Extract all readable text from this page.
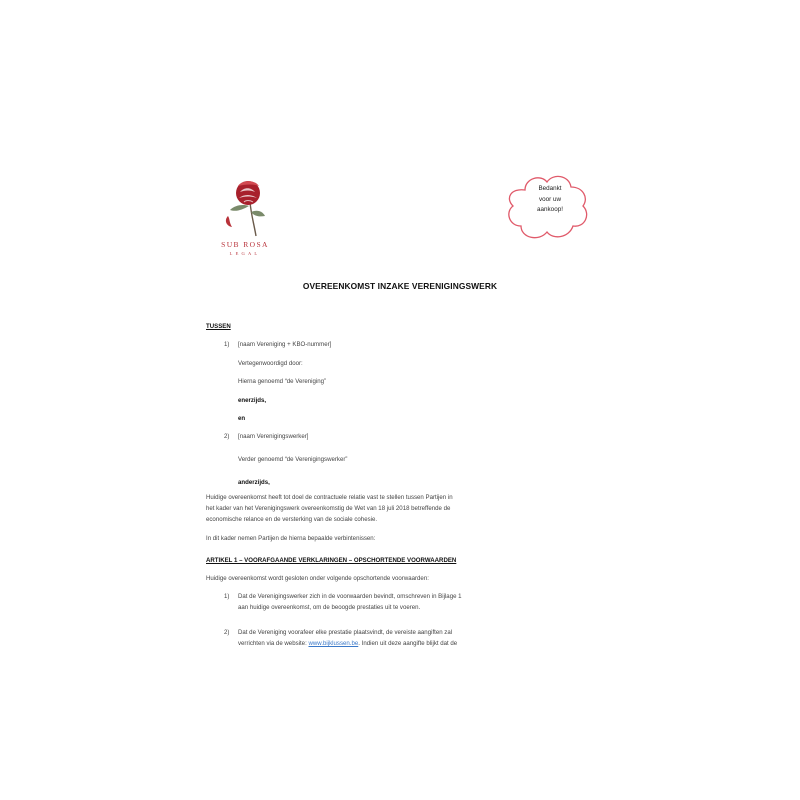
SUB ROSA
LEGAL
Bedankt
voor uw
aankoop!
OVEREENKOMST INZAKE VERENIGINGSWERK
TUSSEN
1) [naam Vereniging + KBO-nummer]
Vertegenwoordigd door:
Hierna genoemd “de Vereniging”
enerzijds,
en
2) [naam Verenigingswerker]
Verder genoemd “de Verenigingswerker”
anderzijds,
Huidige overeenkomst heeft tot doel de contractuele relatie vast te stellen tussen Partijen in
het kader van het Verenigingswerk overeenkomstig de Wet van 18 juli 2018 betreffende de
economische relance en de versterking van de sociale cohesie.
In dit kader nemen Partijen de hierna bepaalde verbintenissen:
ARTIKEL 1 – VOORAFGAANDE VERKLARINGEN – OPSCHORTENDE VOORWAARDEN
Huidige overeenkomst wordt gesloten onder volgende opschortende voorwaarden:
1) Dat de Verenigingswerker zich in de voorwaarden bevindt, omschreven in Bijlage 1
aan huidige overeenkomst, om de beoogde prestaties uit te voeren.
2) Dat de Vereniging voorafeer elke prestatie plaatsvindt, de vereiste aangiften zal
verrichten via de website: www.bijklussen.be. Indien uit deze aangifte blijkt dat de
